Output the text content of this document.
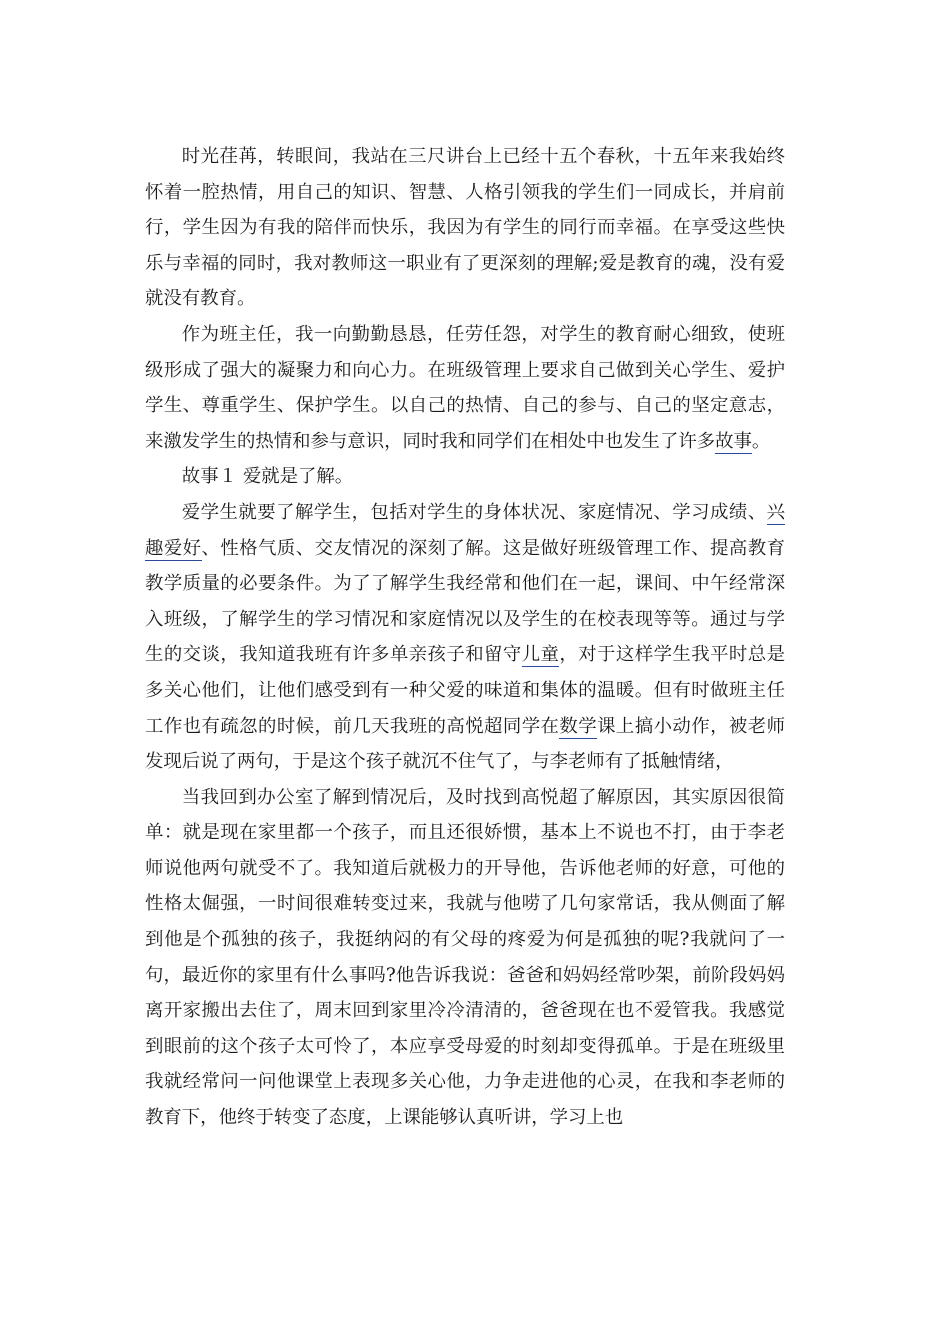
时光荏苒，转眼间，我站在三尺讲台上已经十五个春秋，十五年来我始终怀着一腔热情，用自己的知识、智慧、人格引领我的学生们一同成长，并肩前行，学生因为有我的陪伴而快乐，我因为有学生的同行而幸福。在享受这些快乐与幸福的同时，我对教师这一职业有了更深刻的理解;爱是教育的魂，没有爱就没有教育。

作为班主任，我一向勤勤恳恳，任劳任怨，对学生的教育耐心细致，使班级形成了强大的凝聚力和向心力。在班级管理上要求自己做到关心学生、爱护学生、尊重学生、保护学生。以自己的热情、自己的参与、自己的坚定意志，来激发学生的热情和参与意识，同时我和同学们在相处中也发生了许多故事。

故事１ 爱就是了解。

爱学生就要了解学生，包括对学生的身体状况、家庭情况、学习成绩、兴趣爱好、性格气质、交友情况的深刻了解。这是做好班级管理工作、提高教育教学质量的必要条件。为了了解学生我经常和他们在一起，课间、中午经常深入班级，了解学生的学习情况和家庭情况以及学生的在校表现等等。通过与学生的交谈，我知道我班有许多单亲孩子和留守儿童，对于这样学生我平时总是多关心他们，让他们感受到有一种父爱的味道和集体的温暖。但有时做班主任工作也有疏忽的时候，前几天我班的高悦超同学在数学课上搞小动作，被老师发现后说了两句，于是这个孩子就沉不住气了，与李老师有了抵触情绪，

当我回到办公室了解到情况后，及时找到高悦超了解原因，其实原因很简单：就是现在家里都一个孩子，而且还很娇惯，基本上不说也不打，由于李老师说他两句就受不了。我知道后就极力的开导他，告诉他老师的好意，可他的性格太倔强，一时间很难转变过来，我就与他唠了几句家常话，我从侧面了解到他是个孤独的孩子，我挺纳闷的有父母的疼爱为何是孤独的呢?我就问了一句，最近你的家里有什么事吗?他告诉我说：爸爸和妈妈经常吵架，前阶段妈妈离开家搬出去住了，周末回到家里冷冷清清的，爸爸现在也不爱管我。我感觉到眼前的这个孩子太可怜了，本应享受母爱的时刻却变得孤单。于是在班级里我就经常问一问他课堂上表现多关心他，力争走进他的心灵，在我和李老师的教育下，他终于转变了态度，上课能够认真听讲，学习上也
